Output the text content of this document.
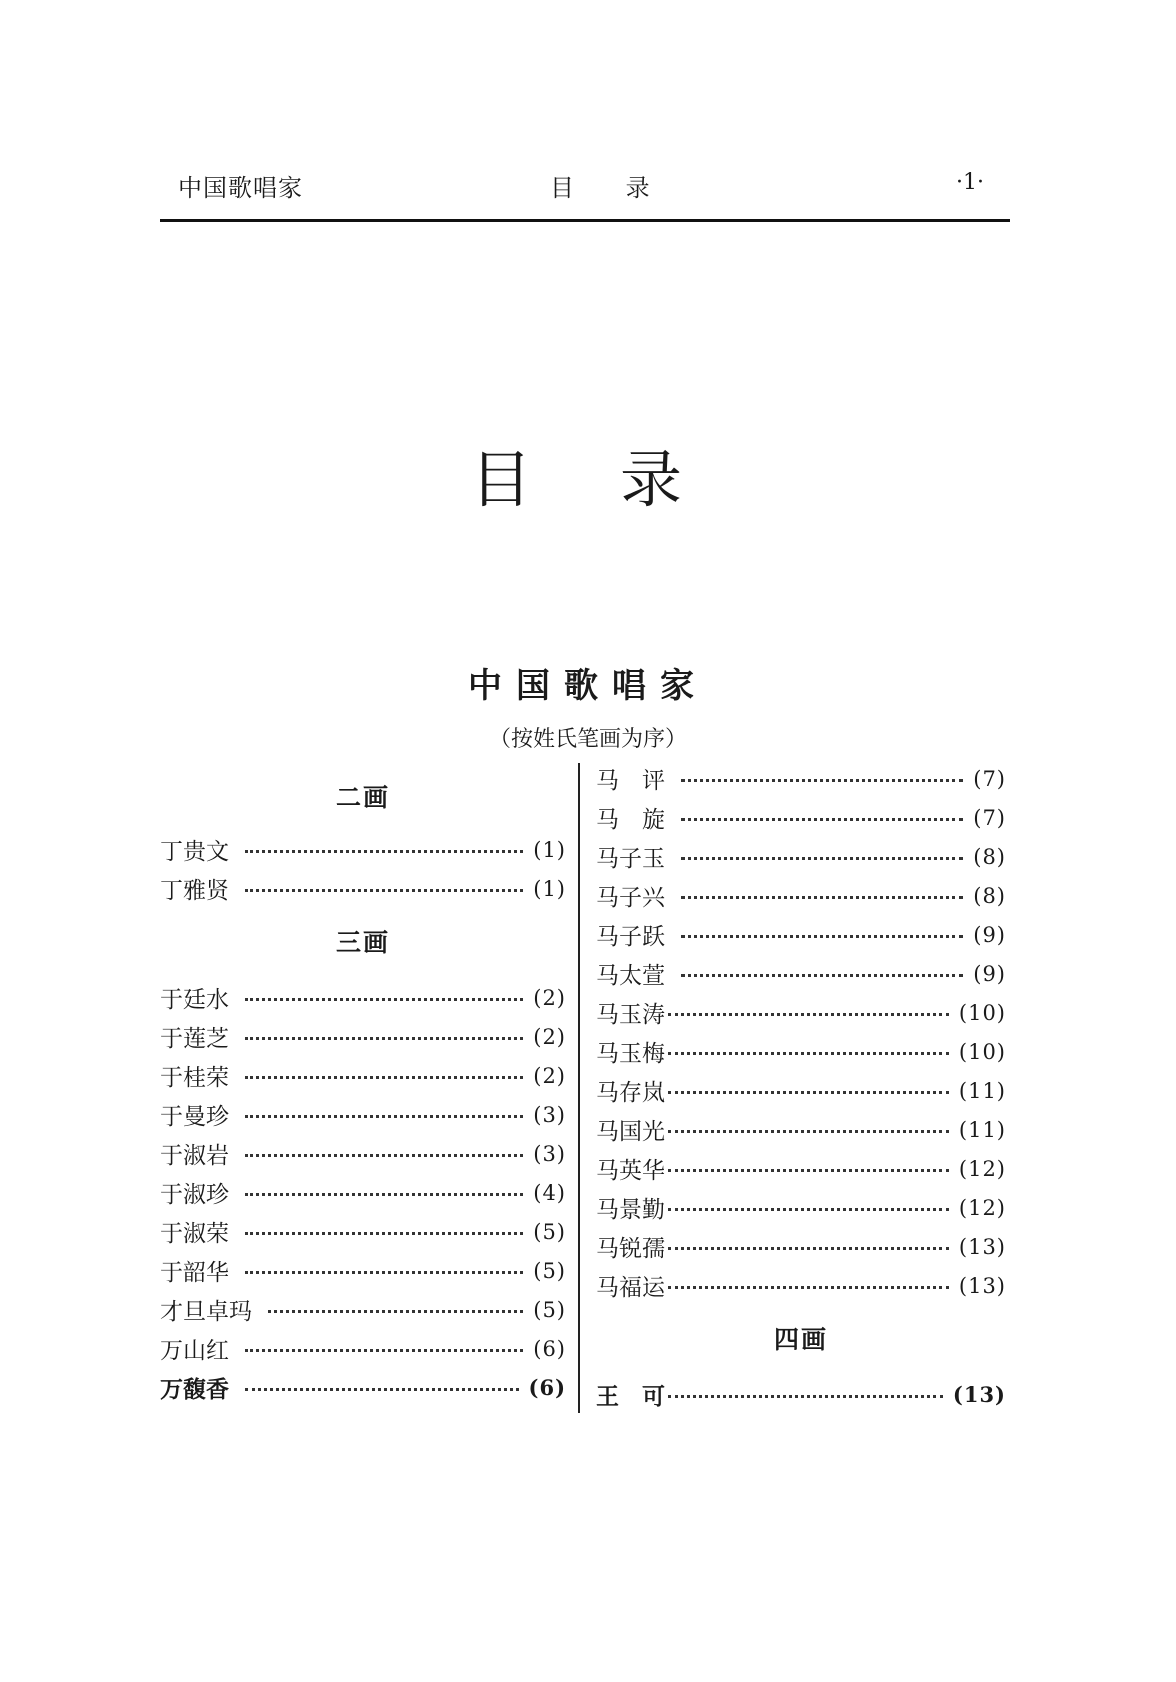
中国歌唱家	目 录	·1·
目录
中国歌唱家
（按姓氏笔画为序）
二画
丁贵文	(1)
丁雅贤	(1)
三画
于廷水	(2)
于莲芝	(2)
于桂荣	(2)
于曼珍	(3)
于淑岩	(3)
于淑珍	(4)
于淑荣	(5)
于韶华	(5)
才旦卓玛	(5)
万山红	(6)
万馥香	(6)
马　评	(7)
马　旋	(7)
马子玉	(8)
马子兴	(8)
马子跃	(9)
马太萱	(9)
马玉涛	(10)
马玉梅	(10)
马存岚	(11)
马国光	(11)
马英华	(12)
马景勤	(12)
马锐孺	(13)
马福运	(13)
四画
王　可	(13)
